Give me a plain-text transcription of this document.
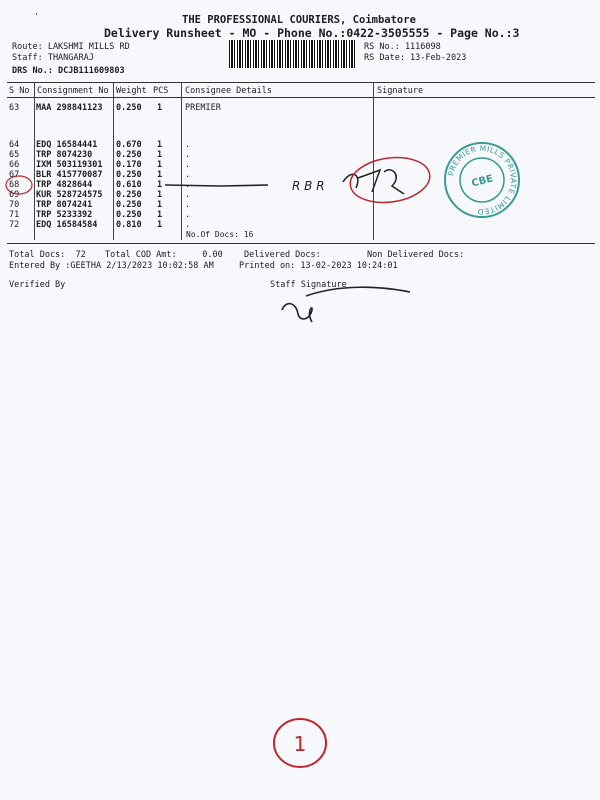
THE PROFESSIONAL COURIERS, Coimbatore
Delivery Runsheet - MO - Phone No.:0422-3505555 - Page No.:3
Route: LAKSHMI MILLS RD
Staff: THANGARAJ
DRS No.: DCJB111609803
RS No.: 1116098
RS Date: 13-Feb-2023
S No Consignment No Weight PCS Consignee Details	Signature
63 MAA 298841123 0.250 1	PREMIER
64 EDQ 16584441 0.670 1	.
65 TRP 8074230	0.250 1	.
66 IXM 503119301 0.170 1	.
67 BLR 415770087 0.250 1	.
68 TRP 4828644	0.610 1	.
69 KUR 528724575 0.250 1	.
70 TRP 8074241	0.250 1	.
71 TRP 5233392	0.250 1	.
72 EDQ 16584584 0.810 1	.
No.Of Docs: 16
Total Docs:  72 Total COD Amt:     0.00	Delivered Docs:	Non Delivered Docs:
Entered By :GEETHA 2/13/2023 10:02:58 AM	Printed on: 13-02-2023 10:24:01
Verified By	Staff Signature
R B R
PREMIER MILLS PRIVATE LIMITED
CBE
1
'
